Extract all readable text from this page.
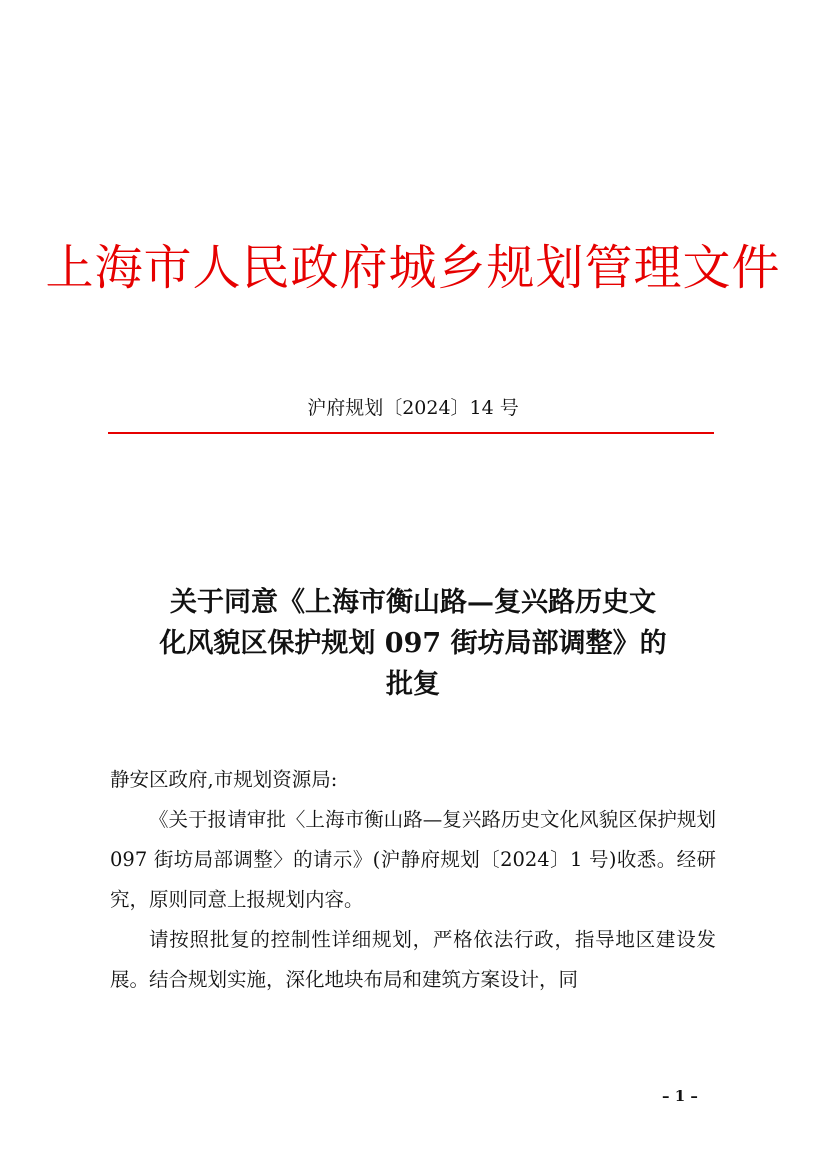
上海市人民政府城乡规划管理文件
沪府规划〔2024〕14 号
关于同意《上海市衡山路—复兴路历史文
化风貌区保护规划 097 街坊局部调整》的
批复

静安区政府,市规划资源局:

《关于报请审批〈上海市衡山路—复兴路历史文化风貌区保护规划 097 街坊局部调整〉的请示》(沪静府规划〔2024〕1 号)收悉。经研究，原则同意上报规划内容。

请按照批复的控制性详细规划，严格依法行政，指导地区建设发展。结合规划实施，深化地块布局和建筑方案设计，同

– 1 –
